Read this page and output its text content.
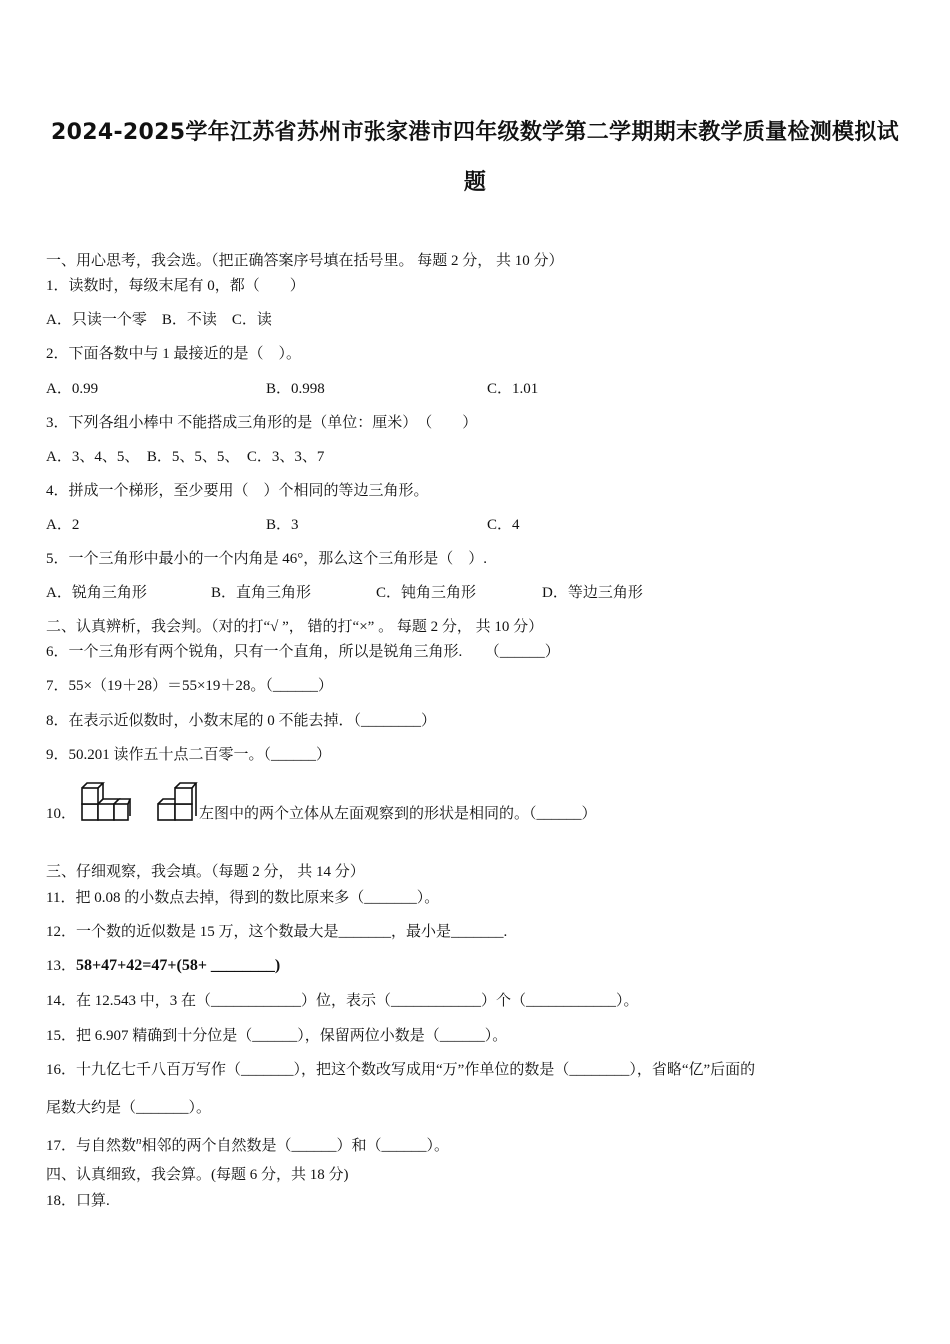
2024-2025学年江苏省苏州市张家港市四年级数学第二学期期末教学质量检测模拟试
题
一、用心思考，我会选。（把正确答案序号填在括号里。 每题 2 分， 共 10 分）
1．读数时，每级末尾有 0，都（　　）
A．只读一个零　B．不读　C．读
2．下面各数中与 1 最接近的是（　）。
A．0.99	B．0.998	C．1.01
3．下列各组小棒中 不能搭成三角形的是（单位：厘米）　（　　）
A．3、4、5、　B．5、5、5、　C．3、3、7
4．拼成一个梯形，至少要用（　）个相同的等边三角形。
A．2	B．3	C．4
5．一个三角形中最小的一个内角是 46°，那么这个三角形是（　）.
A．锐角三角形	B．直角三角形	C．钝角三角形	D．等边三角形
二、认真辨析，我会判。（对的打“√ ”， 错的打“×” 。 每题 2 分， 共 10 分）
6．一个三角形有两个锐角，只有一个直角，所以是锐角三角形.　　（______）
7．55×（19＋28）＝55×19＋28。（______）
8．在表示近似数时，小数末尾的 0 不能去掉．（________）
9．50.201 读作五十点二百零一。（______）
10．	左图中的两个立体从左面观察到的形状是相同的。（______）
三、仔细观察，我会填。（每题 2 分， 共 14 分）
11．把 0.08 的小数点去掉，得到的数比原来多（_______）。
12．一个数的近似数是 15 万，这个数最大是_______，最小是_______.
13．58+47+42=47+(58+ ________)
14．在 12.543 中，3 在（____________）位，表示（____________）个（____________）。
15．把 6.907 精确到十分位是（______），保留两位小数是（______）。
16．十九亿七千八百万写作（_______），把这个数改写成用“万”作单位的数是（________），省略“亿”后面的
尾数大约是（_______）。
17．与自然数$^n$相邻的两个自然数是（______）和（______）。
四、认真细致，我会算。(每题 6 分，共 18 分)
18．口算.
